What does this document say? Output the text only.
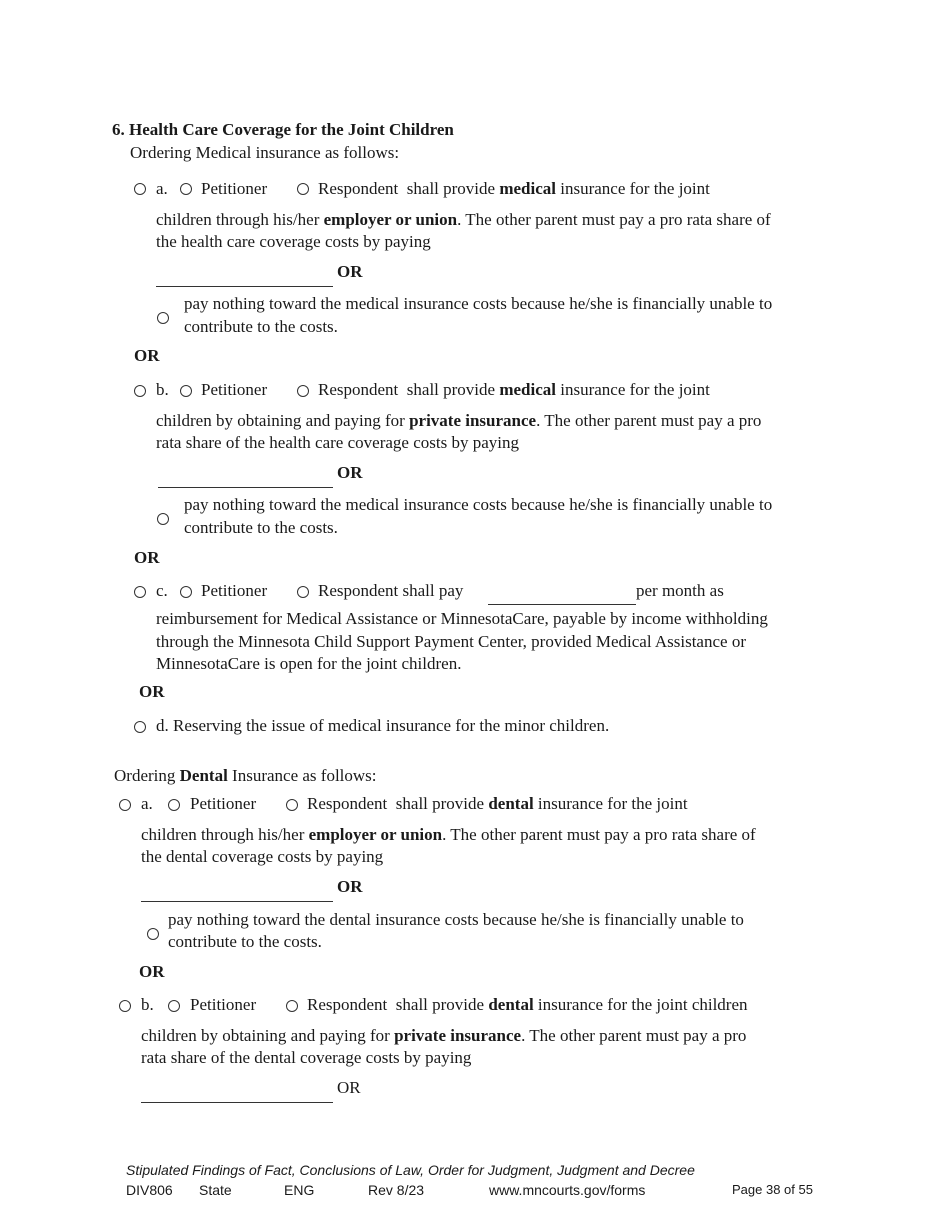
6. Health Care Coverage for the Joint Children
Ordering Medical insurance as follows:
a. Petitioner	Respondent shall provide medical insurance for the joint
children through his/her employer or union. The other parent must pay a pro rata share of
the health care coverage costs by paying
OR
pay nothing toward the medical insurance costs because he/she is financially unable to
contribute to the costs.
OR
b. Petitioner	Respondent shall provide medical insurance for the joint
children by obtaining and paying for private insurance. The other parent must pay a pro
rata share of the health care coverage costs by paying
OR
pay nothing toward the medical insurance costs because he/she is financially unable to
contribute to the costs.
OR
c. Petitioner	Respondent shall pay	per month as
reimbursement for Medical Assistance or MinnesotaCare, payable by income withholding
through the Minnesota Child Support Payment Center, provided Medical Assistance or
MinnesotaCare is open for the joint children.
OR
d. Reserving the issue of medical insurance for the minor children.
Ordering Dental Insurance as follows:
a. Petitioner	Respondent shall provide dental insurance for the joint
children through his/her employer or union. The other parent must pay a pro rata share of
the dental coverage costs by paying
OR
pay nothing toward the dental insurance costs because he/she is financially unable to
contribute to the costs.
OR
b. Petitioner	Respondent shall provide dental insurance for the joint children
children by obtaining and paying for private insurance. The other parent must pay a pro
rata share of the dental coverage costs by paying
OR
Stipulated Findings of Fact, Conclusions of Law, Order for Judgment, Judgment and Decree
DIV806 State	ENG	Rev 8/23	www.mncourts.gov/forms	Page 38 of 55
